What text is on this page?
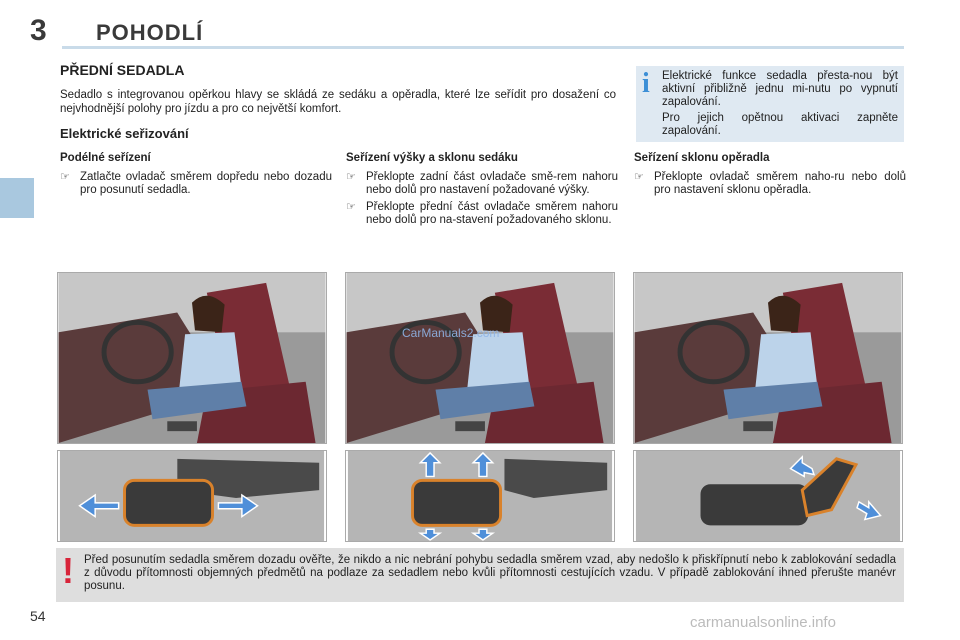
3 POHODLÍ
PŘEDNÍ SEDADLA
Sedadlo s integrovanou opěrkou hlavy se skládá ze sedáku a opěradla, které lze seřídit pro dosažení co nejvhodnější polohy pro jízdu a pro co největší komfort.
Elektrické seřizování
i Elektrické funkce sedadla přesta-nou být aktivní přibližně jednu mi-nutu po vypnutí zapalování.

Pro jejich opětnou aktivaci zapněte zapalování.

Podélné seřízení
☞ Zatlačte ovladač směrem dopředu nebo dozadu pro posunutí sedadla.
Seřízení výšky a sklonu sedáku
☞ Překlopte zadní část ovladače smě-rem nahoru nebo dolů pro nastavení požadované výšky.
☞ Překlopte přední část ovladače směrem nahoru nebo dolů pro na-stavení požadovaného sklonu.
Seřízení sklonu opěradla
☞ Překlopte ovladač směrem naho-ru nebo dolů pro nastavení sklonu opěradla.
CarManuals2.com
! Před posunutím sedadla směrem dozadu ověřte, že nikdo a nic nebrání pohybu sedadla směrem vzad, aby nedošlo k přiskřípnutí nebo k zablokování sedadla z důvodu přítomnosti objemných předmětů na podlaze za sedadlem nebo kvůli přítomnosti cestujících vzadu. V případě zablokování ihned přerušte manévr posunu.
54	carmanualsonline.info
